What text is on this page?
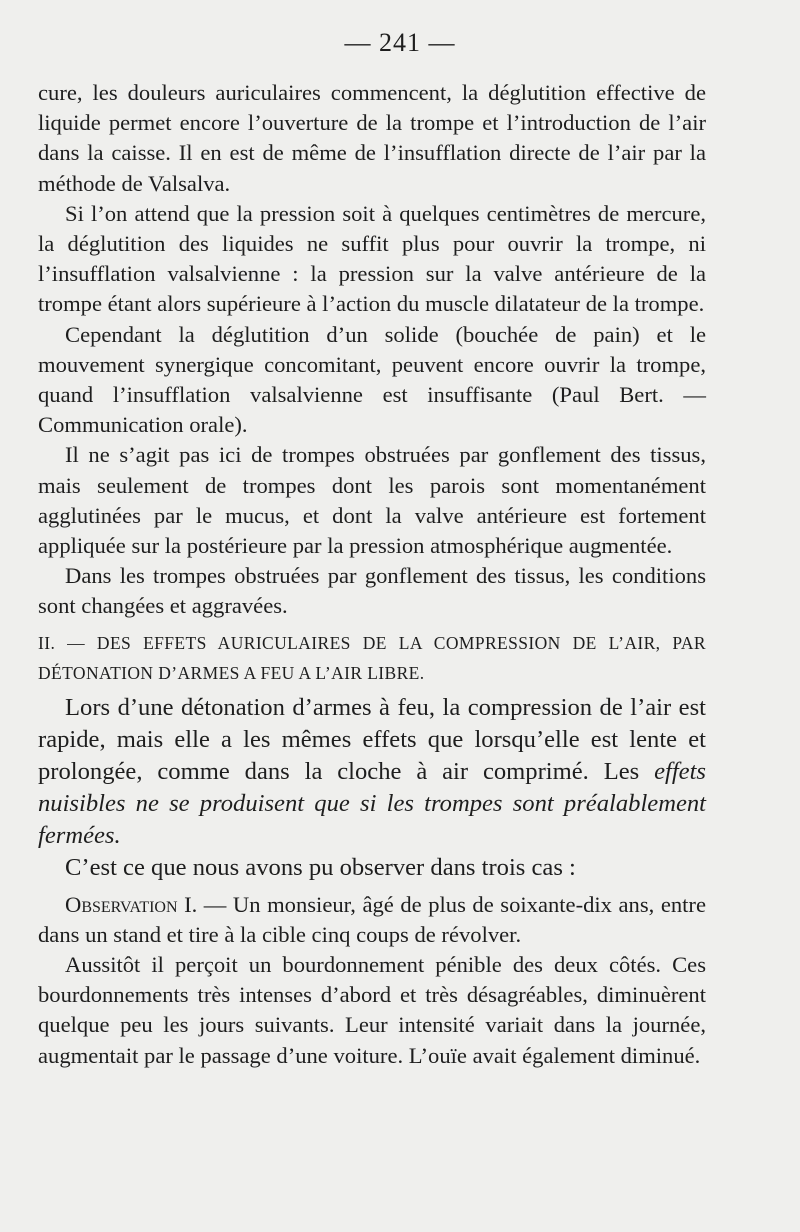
— 241 —

cure, les douleurs auriculaires commencent, la déglutition effective de liquide permet encore l’ouverture de la trompe et l’introduction de l’air dans la caisse. Il en est de même de l’insufflation directe de l’air par la méthode de Valsalva.

Si l’on attend que la pression soit à quelques centimètres de mercure, la déglutition des liquides ne suffit plus pour ouvrir la trompe, ni l’insufflation valsalvienne : la pression sur la valve antérieure de la trompe étant alors supérieure à l’action du muscle dilatateur de la trompe.

Cependant la déglutition d’un solide (bouchée de pain) et le mouvement synergique concomitant, peuvent encore ouvrir la trompe, quand l’insufflation valsalvienne est insuffisante (Paul Bert. — Communication orale).

Il ne s’agit pas ici de trompes obstruées par gonflement des tissus, mais seulement de trompes dont les parois sont momentanément agglutinées par le mucus, et dont la valve antérieure est fortement appliquée sur la postérieure par la pression atmosphérique augmentée.

Dans les trompes obstruées par gonflement des tissus, les conditions sont changées et aggravées.

II. — DES EFFETS AURICULAIRES DE LA COMPRESSION DE L’AIR, PAR DÉTONATION D’ARMES A FEU A L’AIR LIBRE.

Lors d’une détonation d’armes à feu, la compression de l’air est rapide, mais elle a les mêmes effets que lorsqu’elle est lente et prolongée, comme dans la cloche à air comprimé. Les effets nuisibles ne se produisent que si les trompes sont préalablement fermées.

C’est ce que nous avons pu observer dans trois cas :

Observation I. — Un monsieur, âgé de plus de soixante-dix ans, entre dans un stand et tire à la cible cinq coups de révolver.

Aussitôt il perçoit un bourdonnement pénible des deux côtés. Ces bourdonnements très intenses d’abord et très désagréables, diminuèrent quelque peu les jours suivants. Leur intensité variait dans la journée, augmentait par le passage d’une voiture. L’ouïe avait également diminué.
